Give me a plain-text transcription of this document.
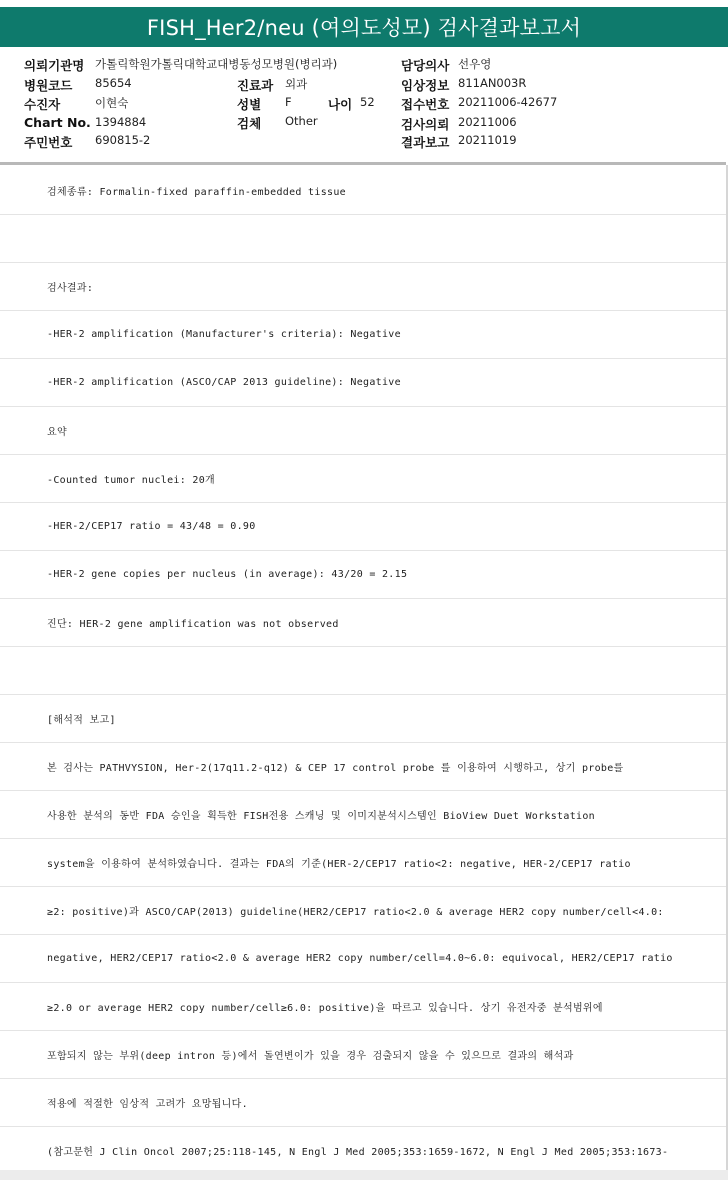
FISH_Her2/neu (여의도성모) 검사결과보고서
의뢰기관명 가톨릭학원가톨릭대학교대병동성모병원(병리과)
병원코드 85654
수진자	이현숙
Chart No. 1394884
주민번호 690815-2
진료과 외과
성별 F	나이 52
검체 Other
담당의사 선우영
임상정보 811AN003R
접수번호 20211006-42677
검사의뢰 20211006
결과보고 20211019
검체종류: Formalin-fixed paraffin-embedded tissue
검사결과:
-HER-2 amplification (Manufacturer's criteria): Negative
-HER-2 amplification (ASCO/CAP 2013 guideline): Negative
요약
-Counted tumor nuclei: 20개
-HER-2/CEP17 ratio = 43/48 = 0.90
-HER-2 gene copies per nucleus (in average): 43/20 = 2.15
진단: HER-2 gene amplification was not observed
[해석적 보고]
본 검사는 PATHVYSION, Her-2(17q11.2-q12) & CEP 17 control probe 를 이용하여 시행하고, 상기 probe를
사용한 분석의 동반 FDA 승인을 획득한 FISH전용 스캐닝 및 이미지분석시스템인 BioView Duet Workstation
system을 이용하여 분석하였습니다. 결과는 FDA의 기준(HER-2/CEP17 ratio<2: negative, HER-2/CEP17 ratio
≥2: positive)과 ASCO/CAP(2013) guideline(HER2/CEP17 ratio<2.0 & average HER2 copy number/cell<4.0:
negative, HER2/CEP17 ratio<2.0 & average HER2 copy number/cell=4.0~6.0: equivocal, HER2/CEP17 ratio
≥2.0 or average HER2 copy number/cell≥6.0: positive)을 따르고 있습니다. 상기 유전자중 분석범위에
포함되지 않는 부위(deep intron 등)에서 돌연변이가 있을 경우 검출되지 않을 수 있으므로 결과의 해석과
적용에 적절한 임상적 고려가 요망됩니다.
(참고문헌 J Clin Oncol 2007;25:118-145, N Engl J Med 2005;353:1659-1672, N Engl J Med 2005;353:1673-
